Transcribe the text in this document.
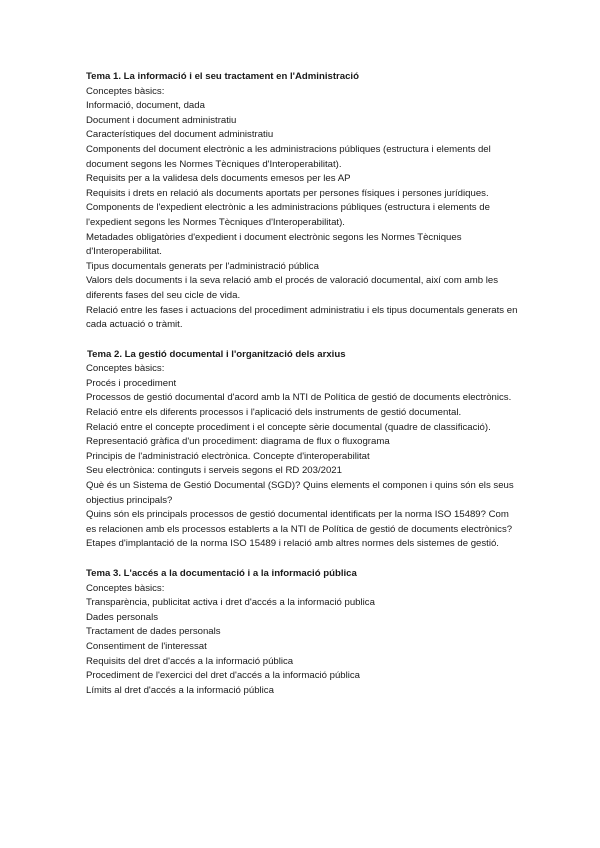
Tema 1. La informació i el seu tractament en l'Administració

Conceptes bàsics:

Informació, document, dada

Document i document administratiu

Característiques del document administratiu

Components del document electrònic a les administracions públiques (estructura i elements del document segons les Normes Tècniques d'Interoperabilitat).

Requisits per a la validesa dels documents emesos per les AP

Requisits i drets en relació als documents aportats per persones físiques i persones jurídiques.

Components de l'expedient electrònic a les administracions públiques (estructura i elements de l'expedient segons les Normes Tècniques d'Interoperabilitat).

Metadades obligatòries d'expedient i document electrònic segons les Normes Tècniques d'Interoperabilitat.

Tipus documentals generats per l'administració pública

Valors dels documents i la seva relació amb el procés de valoració documental, així com amb les diferents fases del seu cicle de vida.

Relació entre les fases i actuacions del procediment administratiu i els tipus documentals generats en cada actuació o tràmit.

Tema 2. La gestió documental i l'organització dels arxius

Conceptes bàsics:

Procés i procediment

Processos de gestió documental d'acord amb la NTI de Política de gestió de documents electrònics. Relació entre els diferents processos i l'aplicació dels instruments de gestió documental.

Relació entre el concepte procediment i el concepte sèrie documental (quadre de classificació).

Representació gràfica d'un procediment: diagrama de flux o fluxograma

Principis de l'administració electrònica. Concepte d'interoperabilitat

Seu electrònica: continguts i serveis segons el RD 203/2021

Què és un Sistema de Gestió Documental (SGD)? Quins elements el componen i quins són els seus objectius principals?

Quins són els principals processos de gestió documental identificats per la norma ISO 15489? Com es relacionen amb els processos establerts a la NTI de Política de gestió de documents electrònics? Etapes d'implantació de la norma ISO 15489 i relació amb altres normes dels sistemes de gestió.

Tema 3. L'accés a la documentació i a la informació pública

Conceptes bàsics:

Transparència, publicitat activa i dret d'accés a la informació publica

Dades personals

Tractament de dades personals

Consentiment de l'interessat

Requisits del dret d'accés a la informació pública

Procediment de l'exercici del dret d'accés a la informació pública

Límits al dret d'accés a la informació pública
